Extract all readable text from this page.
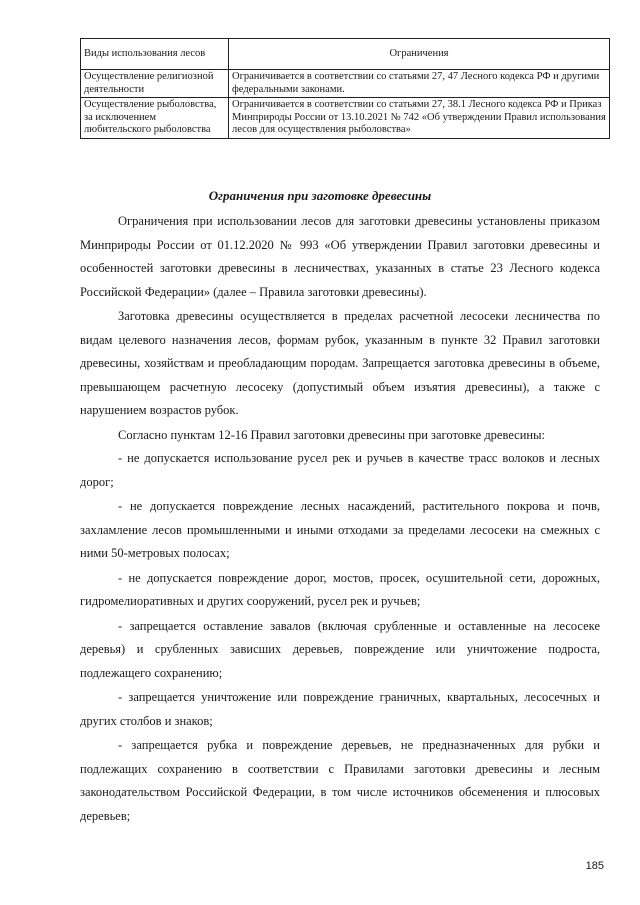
Виды использования лесов	Ограничения
Осуществление религиозной деятельности	Ограничивается в соответствии со статьями 27, 47 Лесного кодекса РФ и другими федеральными законами.
Осуществление рыболовства, за исключением любительского рыболовства	Ограничивается в соответствии со статьями 27, 38.1 Лесного кодекса РФ и Приказ Минприроды России от 13.10.2021 № 742 «Об утверждении Правил использования лесов для осуществления рыболовства»
Ограничения при заготовке древесины

Ограничения при использовании лесов для заготовки древесины установлены приказом Минприроды России от 01.12.2020 № 993 «Об утверждении Правил заготовки древесины и особенностей заготовки древесины в лесничествах, указанных в статье 23 Лесного кодекса Российской Федерации» (далее – Правила заготовки древесины).

Заготовка древесины осуществляется в пределах расчетной лесосеки лесничества по видам целевого назначения лесов, формам рубок, указанным в пункте 32 Правил заготовки древесины, хозяйствам и преобладающим породам. Запрещается заготовка древесины в объеме, превышающем расчетную лесосеку (допустимый объем изъятия древесины), а также с нарушением возрастов рубок.

Согласно пунктам 12-16 Правил заготовки древесины при заготовке древесины:

- не допускается использование русел рек и ручьев в качестве трасс волоков и лесных дорог;

- не допускается повреждение лесных насаждений, растительного покрова и почв, захламление лесов промышленными и иными отходами за пределами лесосеки на смежных с ними 50-метровых полосах;

- не допускается повреждение дорог, мостов, просек, осушительной сети, дорожных, гидромелиоративных и других сооружений, русел рек и ручьев;

- запрещается оставление завалов (включая срубленные и оставленные на лесосеке деревья) и срубленных зависших деревьев, повреждение или уничтожение подроста, подлежащего сохранению;

- запрещается уничтожение или повреждение граничных, квартальных, лесосечных и других столбов и знаков;

- запрещается рубка и повреждение деревьев, не предназначенных для рубки и подлежащих сохранению в соответствии с Правилами заготовки древесины и лесным законодательством Российской Федерации, в том числе источников обсеменения и плюсовых деревьев;

185
